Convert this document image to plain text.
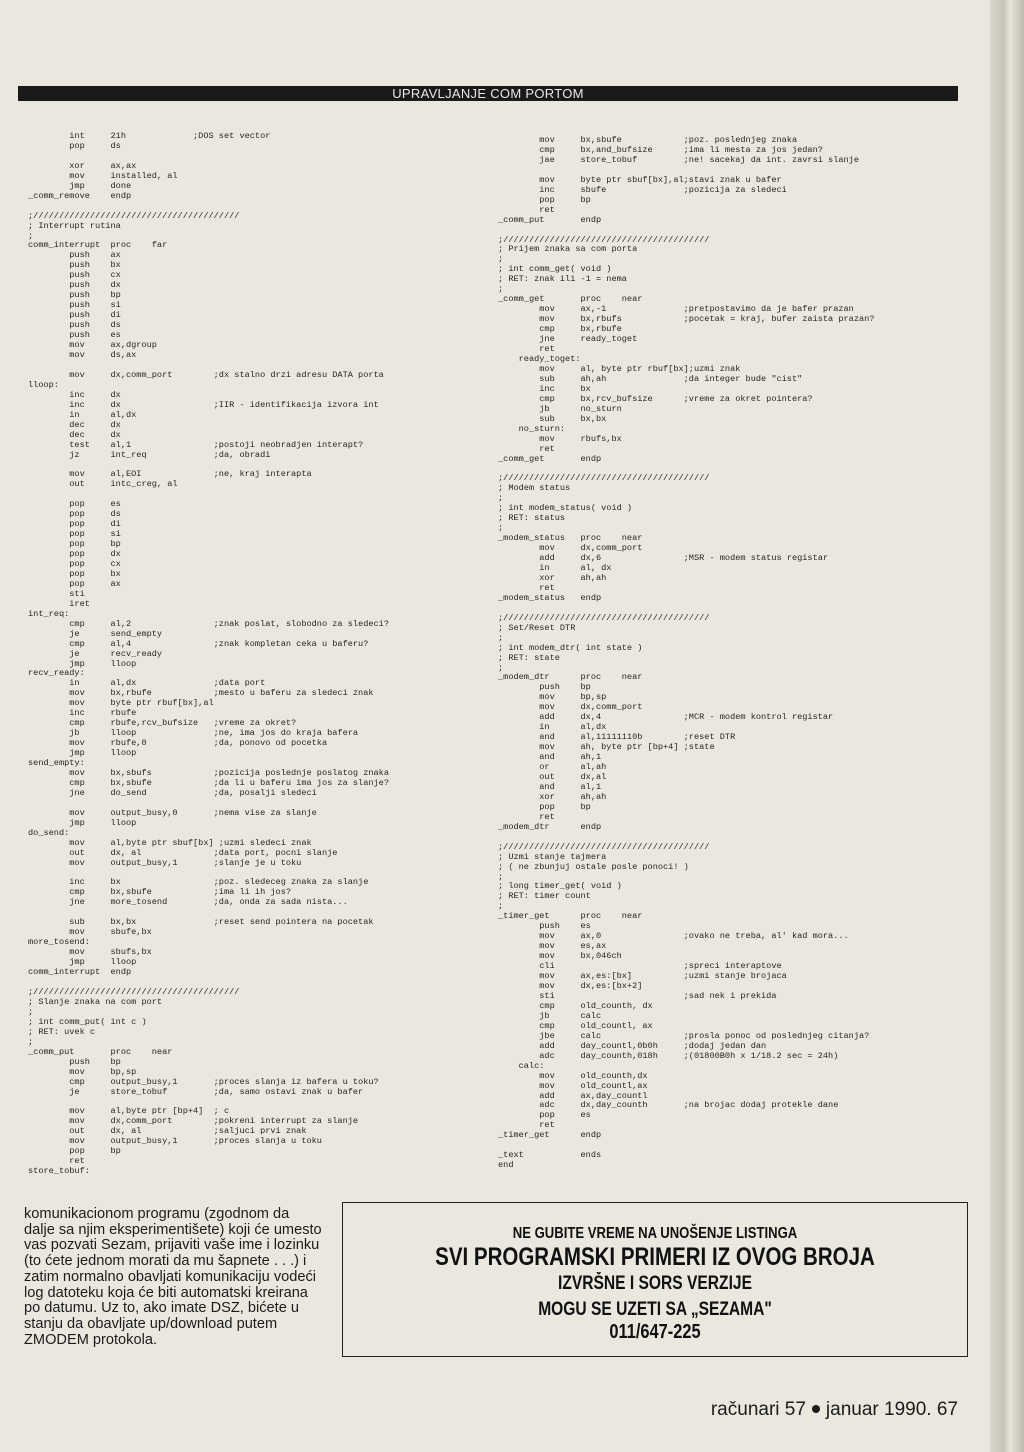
UPRAVLJANJE COM PORTOM
int     21h             ;DOS set vector
pop     ds

xor     ax,ax
mov     installed, al
jmp     done
_comm_remove    endp

;////////////////////////////////////////
; Interrupt rutina
;
comm_interrupt  proc    far
push    ax
push    bx
push    cx
push    dx
push    bp
push    si
push    di
push    ds
push    es
mov     ax,dgroup
mov     ds,ax

mov     dx,comm_port        ;dx stalno drzi adresu DATA porta
lloop:
inc     dx
inc     dx                  ;IIR - identifikacija izvora int
in      al,dx
dec     dx
dec     dx
test    al,1                ;postoji neobradjen interapt?
jz      int_req             ;da, obradi

mov     al,EOI              ;ne, kraj interapta
out     intc_creg, al

pop     es
pop     ds
pop     di
pop     si
pop     bp
pop     dx
pop     cx
pop     bx
pop     ax
sti
iret
int_req:
cmp     al,2                ;znak poslat, slobodno za sledeci?
je      send_empty
cmp     al,4                ;znak kompletan ceka u baferu?
je      recv_ready
jmp     lloop
recv_ready:
in      al,dx               ;data port
mov     bx,rbufe            ;mesto u baferu za sledeci znak
mov     byte ptr rbuf[bx],al
inc     rbufe
cmp     rbufe,rcv_bufsize   ;vreme za okret?
jb      lloop               ;ne, ima jos do kraja bafera
mov     rbufe,0             ;da, ponovo od pocetka
jmp     lloop
send_empty:
mov     bx,sbufs            ;pozicija poslednje poslatog znaka
cmp     bx,sbufe            ;da li u baferu ima jos za slanje?
jne     do_send             ;da, posalji sledeci

mov     output_busy,0       ;nema vise za slanje
jmp     lloop
do_send:
mov     al,byte ptr sbuf[bx] ;uzmi sledeci znak
out     dx, al              ;data port, pocni slanje
mov     output_busy,1       ;slanje je u toku

inc     bx                  ;poz. sledeceg znaka za slanje
cmp     bx,sbufe            ;ima li ih jos?
jne     more_tosend         ;da, onda za sada nista...

sub     bx,bx               ;reset send pointera na pocetak
mov     sbufe,bx
more_tosend:
mov     sbufs,bx
jmp     lloop
comm_interrupt  endp

;////////////////////////////////////////
; Slanje znaka na com port
;
; int comm_put( int c )
; RET: uvek c
;
_comm_put       proc    near
push    bp
mov     bp,sp
cmp     output_busy,1       ;proces slanja iz bafera u toku?
je      store_tobuf         ;da, samo ostavi znak u bafer

mov     al,byte ptr [bp+4]  ; c
mov     dx,comm_port        ;pokreni interrupt za slanje
out     dx, al              ;saljuci prvi znak
mov     output_busy,1       ;proces slanja u toku
pop     bp
ret
store_tobuf:
mov     bx,sbufe            ;poz. poslednjeg znaka
cmp     bx,and_bufsize      ;ima li mesta za jos jedan?
jae     store_tobuf         ;ne! sacekaj da int. zavrsi slanje

mov     byte ptr sbuf[bx],al;stavi znak u bafer
inc     sbufe               ;pozicija za sledeci
pop     bp
ret
_comm_put       endp

;////////////////////////////////////////
; Prijem znaka sa com porta
;
; int comm_get( void )
; RET: znak ili -1 = nema
;
_comm_get       proc    near
mov     ax,-1               ;pretpostavimo da je bafer prazan
mov     bx,rbufs            ;pocetak = kraj, bufer zaista prazan?
cmp     bx,rbufe
jne     ready_toget
ret
ready_toget:
mov     al, byte ptr rbuf[bx];uzmi znak
sub     ah,ah               ;da integer bude "cist"
inc     bx
cmp     bx,rcv_bufsize      ;vreme za okret pointera?
jb      no_sturn
sub     bx,bx
no_sturn:
mov     rbufs,bx
ret
_comm_get       endp

;////////////////////////////////////////
; Modem status
;
; int modem_status( void )
; RET: status
;
_modem_status   proc    near
mov     dx,comm_port
add     dx,6                ;MSR - modem status registar
in      al, dx
xor     ah,ah
ret
_modem_status   endp

;////////////////////////////////////////
; Set/Reset DTR
;
; int modem_dtr( int state )
; RET: state
;
_modem_dtr      proc    near
push    bp
mov     bp,sp
mov     dx,comm_port
add     dx,4                ;MCR - modem kontrol registar
in      al,dx
and     al,11111110b        ;reset DTR
mov     ah, byte ptr [bp+4] ;state
and     ah,1
or      al,ah
out     dx,al
and     al,1
xor     ah,ah
pop     bp
ret
_modem_dtr      endp

;////////////////////////////////////////
; Uzmi stanje tajmera
; ( ne zbunjuj ostale posle ponoci! )
;
; long timer_get( void )
; RET: timer count
;
_timer_get      proc    near
push    es
mov     ax,0                ;ovako ne treba, al' kad mora...
mov     es,ax
mov     bx,046ch
cli                         ;spreci interaptove
mov     ax,es:[bx]          ;uzmi stanje brojaca
mov     dx,es:[bx+2]
sti                         ;sad nek i prekida
cmp     old_counth, dx
jb      calc
cmp     old_countl, ax
jbe     calc                ;prosla ponoc od poslednjeg citanja?
add     day_countl,0b0h     ;dodaj jedan dan
adc     day_counth,018h     ;(01800B0h x 1/18.2 sec = 24h)
calc:
mov     old_counth,dx
mov     old_countl,ax
add     ax,day_countl
adc     dx,day_counth       ;na brojac dodaj protekle dane
pop     es
ret
_timer_get      endp

_text           ends
end
komunikacionom programu (zgodnom da dalje sa njim eksperimentišete) koji će umesto vas pozvati Sezam, prijaviti vaše ime i lozinku (to ćete jednom morati da mu šapnete . . .) i zatim normalno obavljati komunikaciju vodeći log datoteku koja će biti automatski kreirana po datumu. Uz to, ako imate DSZ, bićete u stanju da obavljate up/download putem ZMODEM protokola.
NE GUBITE VREME NA UNOŠENJE LISTINGA
SVI PROGRAMSKI PRIMERI IZ OVOG BROJA
IZVRŠNE I SORS VERZIJE
MOGU SE UZETI SA „SEZAMA"
011/647-225
računari 57 januar 1990. 67
